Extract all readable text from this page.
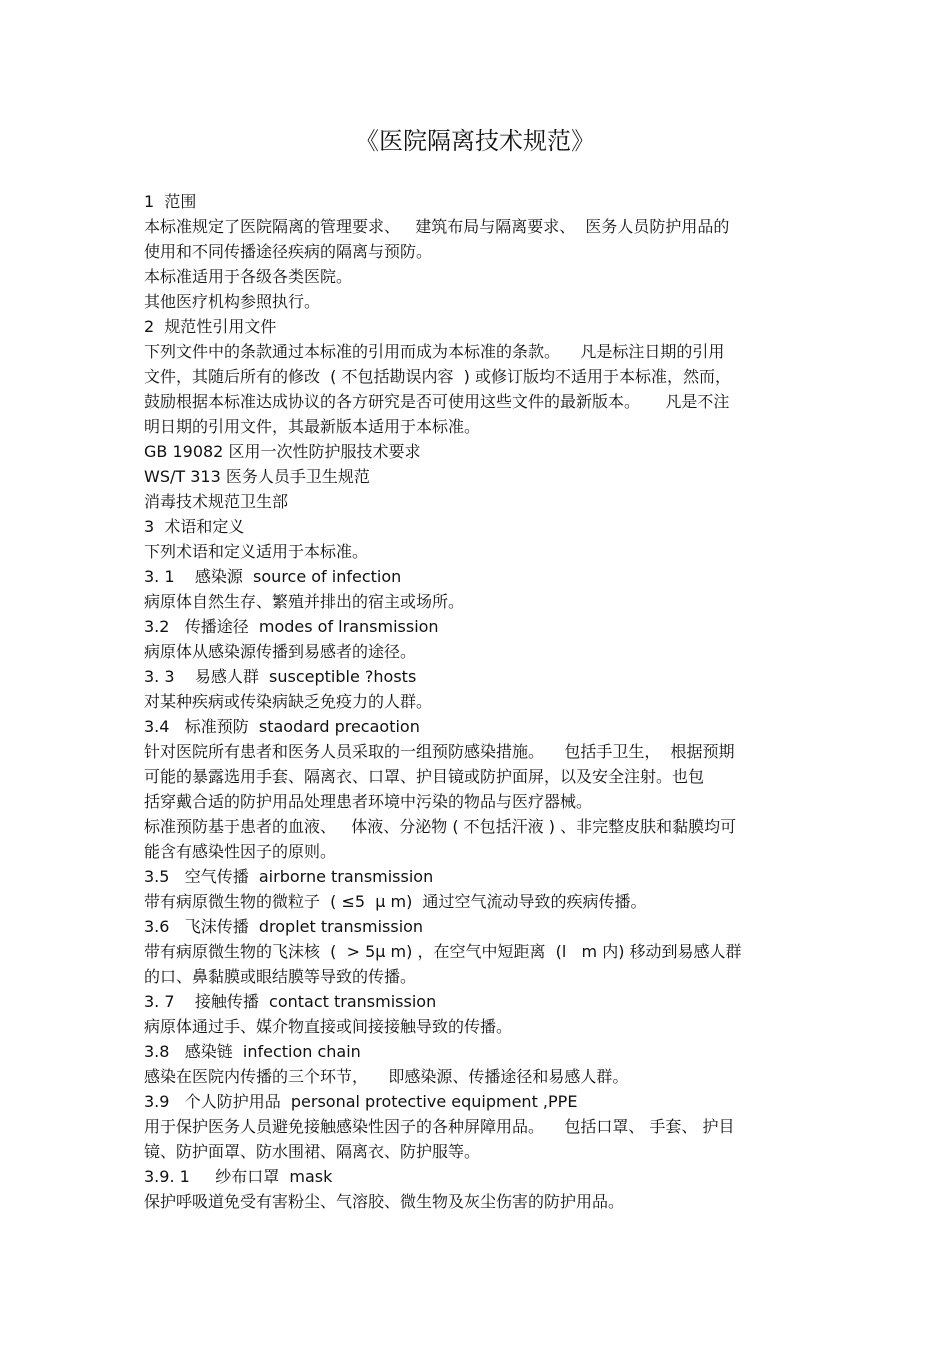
《医院隔离技术规范》
1  范围
本标准规定了医院隔离的管理要求、   建筑布局与隔离要求、  医务人员防护用品的
使用和不同传播途径疾病的隔离与预防。
本标准适用于各级各类医院。
其他医疗机构参照执行。
2  规范性引用文件
下列文件中的条款通过本标准的引用而成为本标准的条款。    凡是标注日期的引用
文件，其随后所有的修改  ( 不包括勘误内容  ) 或修订版均不适用于本标准，然而，
鼓励根据本标准达成协议的各方研究是否可使用这些文件的最新版本。     凡是不注
明日期的引用文件，其最新版本适用于本标准。
GB 19082 区用一次性防护服技术要求
WS/T 313 医务人员手卫生规范
消毒技术规范卫生部
3  术语和定义
下列术语和定义适用于本标准。
3. 1    感染源  source of infection
病原体自然生存、繁殖并排出的宿主或场所。
3.2   传播途径  modes of lransmission
病原体从感染源传播到易感者的途径。
3. 3    易感人群  susceptible ?hosts
对某种疾病或传染病缺乏免疫力的人群。
3.4   标准预防  staodard precaotion
针对医院所有患者和医务人员采取的一组预防感染措施。    包括手卫生，  根据预期
可能的暴露选用手套、隔离衣、口罩、护目镜或防护面屏，以及安全注射。也包
括穿戴合适的防护用品处理患者环境中污染的物品与医疗器械。
标准预防基于患者的血液、   体液、分泌物 ( 不包括汗液 ) 、非完整皮肤和黏膜均可
能含有感染性因子的原则。
3.5   空气传播  airborne transmission
带有病原微生物的微粒子  ( ≤5  μ m)  通过空气流动导致的疾病传播。
3.6   飞沫传播  droplet transmission
带有病原微生物的飞沫核  (  > 5μ m) ，在空气中短距离  (l   m 内) 移动到易感人群
的口、鼻黏膜或眼结膜等导致的传播。
3. 7    接触传播  contact transmission
病原体通过手、媒介物直接或间接接触导致的传播。
3.8   感染链  infection chain
感染在医院内传播的三个环节，    即感染源、传播途径和易感人群。
3.9   个人防护用品  personal protective equipment ,PPE
用于保护医务人员避免接触感染性因子的各种屏障用品。    包括口罩、 手套、 护目
镜、防护面罩、防水围裙、隔离衣、防护服等。
3.9. 1     纱布口罩  mask
保护呼吸道免受有害粉尘、气溶胶、微生物及灰尘伤害的防护用品。
